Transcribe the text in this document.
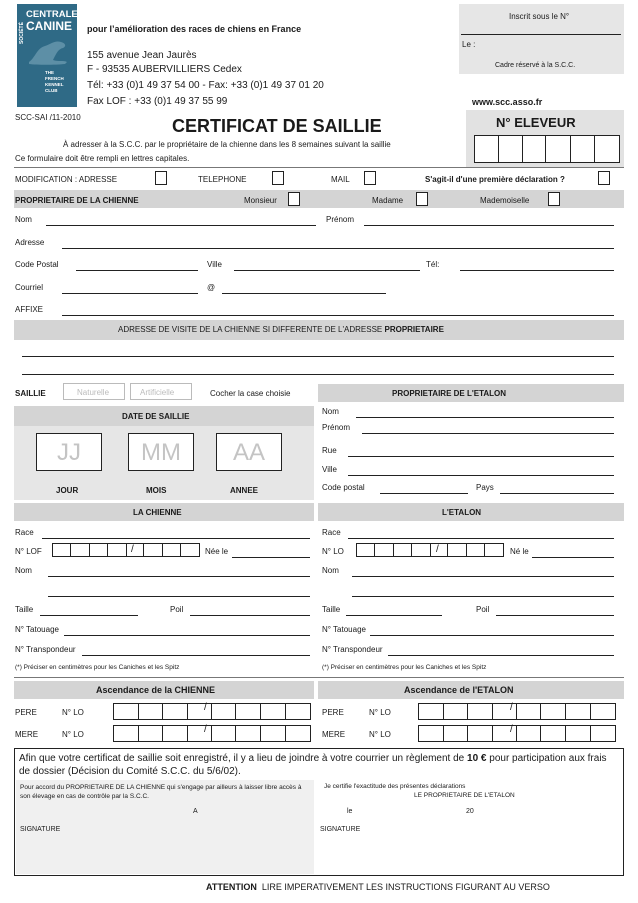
SOCIÉTÉ
CENTRALE
CANINE
THE
FRENCH
KENNEL
CLUB
pour l’amélioration des races de chiens en France
155 avenue Jean Jaurès
F - 93535 AUBERVILLIERS Cedex
Tél: +33 (0)1 49 37 54 00 - Fax: +33 (0)1 49 37 01 20
Fax LOF : +33 (0)1 49 37 55 99
Inscrit sous le N°
Le :
Cadre réservé à la S.C.C.
www.scc.asso.fr
SCC-SAI /11-2010	CERTIFICAT DE SAILLIE	N° ELEVEUR
À adresser à la S.C.C. par le propriétaire de la chienne dans les 8 semaines suivant la saillie
Ce formulaire doit être rempli en lettres capitales.
MODIFICATION : ADRESSE	TELEPHONE	MAIL	S'agit-il d'une première déclaration ?
PROPRIETAIRE DE LA CHIENNE	Monsieur	Madame	Mademoiselle
Nom	Prénom
Adresse
Code Postal	Ville	Tél:
Courriel	@
AFFIXE
ADRESSE DE VISITE DE LA CHIENNE SI DIFFERENTE DE L'ADRESSE PROPRIETAIRE
SAILLIE	Naturelle	Artificielle	Cocher la case choisie	PROPRIETAIRE DE L'ETALON
DATE DE SAILLIE
JJ	MM	AA
JOUR	MOIS	ANNEE
Nom
Prénom
Rue
Ville
Code postal	Pays
LA CHIENNE	L'ETALON
Race
N° LOF	/	Née le
Nom
Taille	Poil
N° Tatouage
N° Transpondeur
(*) Préciser en centimètres pour les Caniches et les Spitz
Race
N° LO	/	Né le
Nom
Taille	Poil
N° Tatouage
N° Transpondeur
(*) Préciser en centimètres pour les Caniches et les Spitz
Ascendance de la CHIENNE	Ascendance de l'ETALON
PERE	N° LO	/
MERE	N° LO	/
PERE	N° LO	/
MERE	N° LO	/
Afin que votre certificat de saillie soit enregistré, il y a lieu de joindre à votre courrier un règlement de 10 € pour participation aux frais de dossier (Décision du Comité S.C.C. du 5/6/02).
Pour accord du PROPRIETAIRE DE LA CHIENNE qui s'engage par ailleurs à laisser libre accès à son élevage en cas de contrôle par la S.C.C.
Je certifie l'exactitude des présentes déclarations
LE PROPRIETAIRE DE L'ETALON
A	le	20
SIGNATURE	SIGNATURE
ATTENTION LIRE IMPERATIVEMENT LES INSTRUCTIONS FIGURANT AU VERSO
